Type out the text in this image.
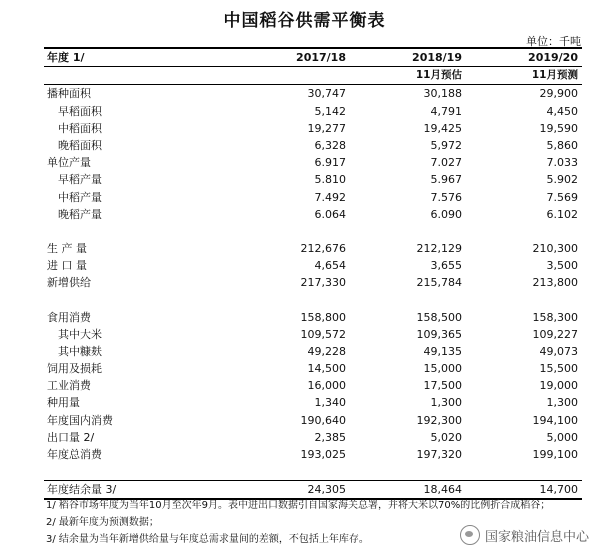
中国稻谷供需平衡表
单位：千吨
年度 1/	2017/18	2018/19	2019/20
		11月预估	11月预测
播种面积	30,747	30,188	29,900
早稻面积	5,142	4,791	4,450
中稻面积	19,277	19,425	19,590
晚稻面积	6,328	5,972	5,860
单位产量	6.917	7.027	7.033
早稻产量	5.810	5.967	5.902
中稻产量	7.492	7.576	7.569
晚稻产量	6.064	6.090	6.102

生 产 量	212,676	212,129	210,300
进 口 量	4,654	3,655	3,500
新增供给	217,330	215,784	213,800

食用消费	158,800	158,500	158,300
其中大米	109,572	109,365	109,227
其中糠麸	49,228	49,135	49,073
饲用及损耗	14,500	15,000	15,500
工业消费	16,000	17,500	19,000
种用量	1,340	1,300	1,300
年度国内消费	190,640	192,300	194,100
出口量 2/	2,385	5,020	5,000
年度总消费	193,025	197,320	199,100

年度结余量 3/	24,305	18,464	14,700
1/ 稻谷市场年度为当年10月至次年9月。表中进出口数据引自国家海关总署，并将大米以70%的比例折合成稻谷；
2/ 最新年度为预测数据；
3/ 结余量为当年新增供给量与年度总需求量间的差额，不包括上年库存。	国家粮油信息中心
